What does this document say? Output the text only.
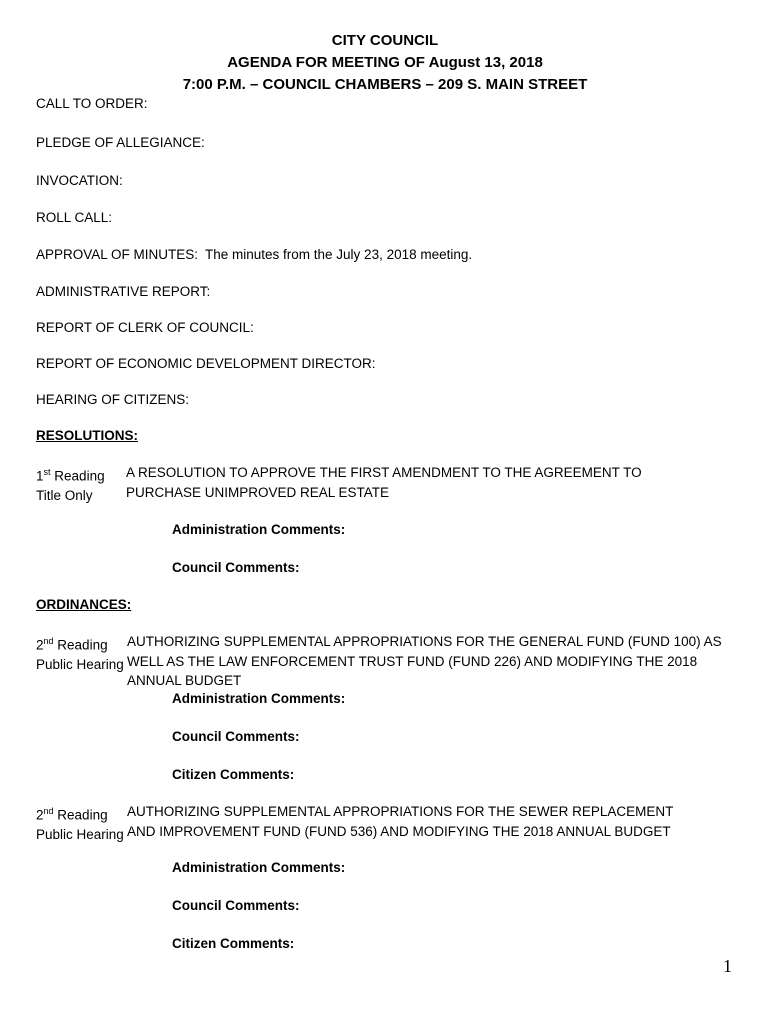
CITY COUNCIL
AGENDA FOR MEETING OF August 13, 2018
7:00 P.M. – COUNCIL CHAMBERS – 209 S. MAIN STREET
CALL TO ORDER:
PLEDGE OF ALLEGIANCE:
INVOCATION:
ROLL CALL:
APPROVAL OF MINUTES: The minutes from the July 23, 2018 meeting.
ADMINISTRATIVE REPORT:
REPORT OF CLERK OF COUNCIL:
REPORT OF ECONOMIC DEVELOPMENT DIRECTOR:
HEARING OF CITIZENS:
RESOLUTIONS:
1st Reading
Title Only
A RESOLUTION TO APPROVE THE FIRST AMENDMENT TO THE AGREEMENT TO PURCHASE UNIMPROVED REAL ESTATE
Administration Comments:
Council Comments:
ORDINANCES:
2nd Reading
Public Hearing
AUTHORIZING SUPPLEMENTAL APPROPRIATIONS FOR THE GENERAL FUND (FUND 100) AS WELL AS THE LAW ENFORCEMENT TRUST FUND (FUND 226) AND MODIFYING THE 2018 ANNUAL BUDGET
Administration Comments:
Council Comments:
Citizen Comments:
2nd Reading
Public Hearing
AUTHORIZING SUPPLEMENTAL APPROPRIATIONS FOR THE SEWER REPLACEMENT AND IMPROVEMENT FUND (FUND 536) AND MODIFYING THE 2018 ANNUAL BUDGET
Administration Comments:
Council Comments:
Citizen Comments:
1
